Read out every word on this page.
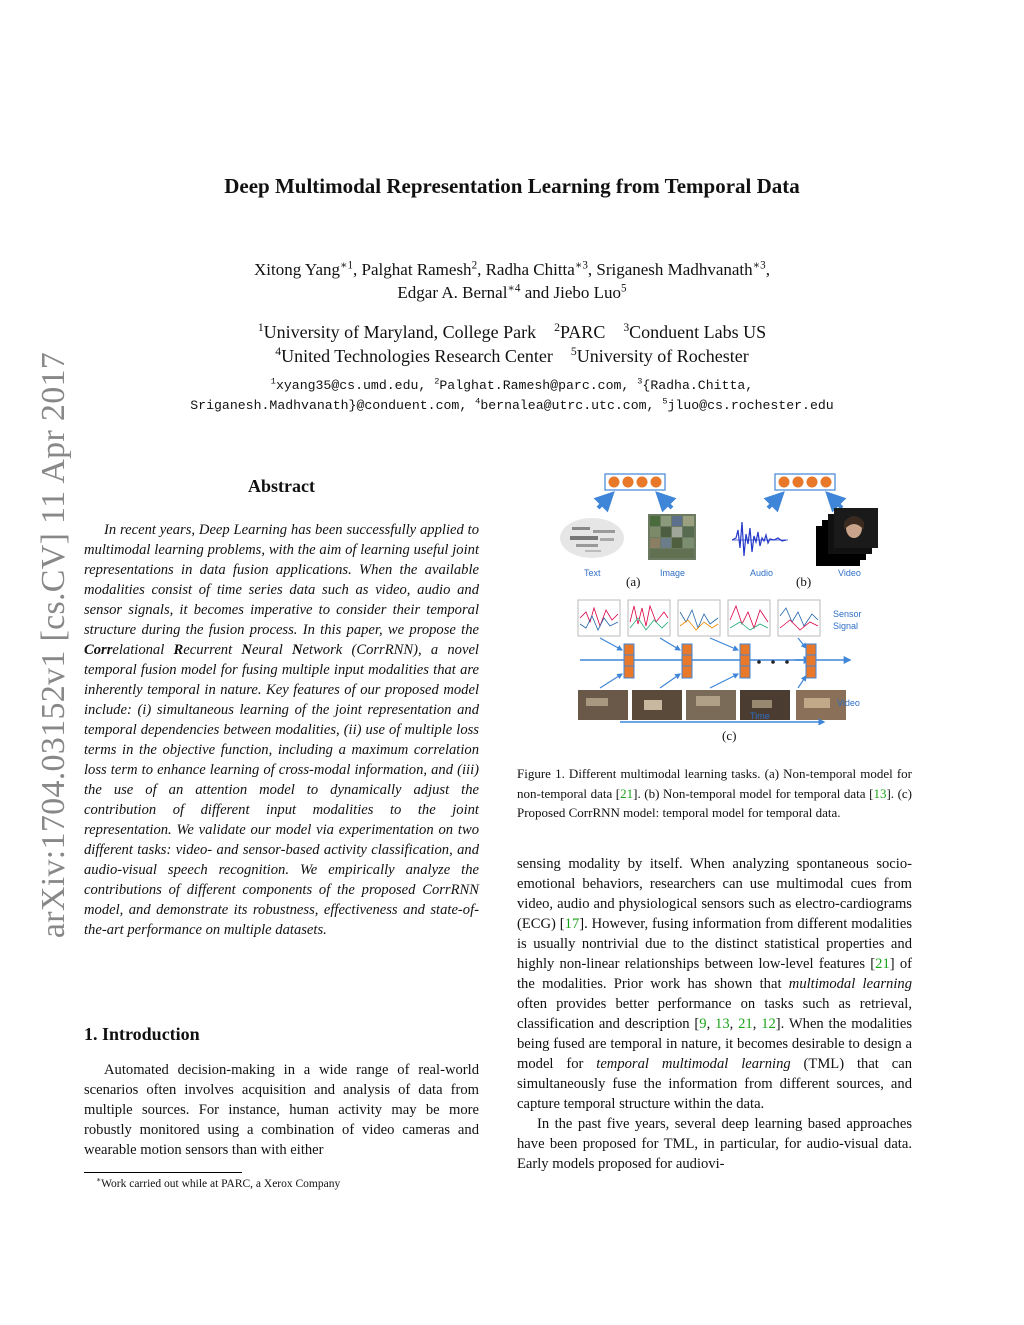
Deep Multimodal Representation Learning from Temporal Data
Xitong Yang$^{∗1}$, Palghat Ramesh$^2$, Radha Chitta$^{∗3}$, Sriganesh Madhvanath$^{∗3}$,
Edgar A. Bernal$^{∗4}$ and Jiebo Luo$^5$
$^1$University of Maryland, College Park $^2$PARC $^3$Conduent Labs US
$^4$United Technologies Research Center $^5$University of Rochester
$^1$xyang35@cs.umd.edu, $^2$Palghat.Ramesh@parc.com, $^3${Radha.Chitta,
Sriganesh.Madhvanath}@conduent.com, $^4$bernalea@utrc.utc.com, $^5$jluo@cs.rochester.edu
arXiv:1704.03152v1 [cs.CV] 11 Apr 2017	Abstract

In recent years, Deep Learning has been successfully applied to multimodal learning problems, with the aim of learning useful joint representations in data fusion applications. When the available modalities consist of time series data such as video, audio and sensor signals, it becomes imperative to consider their temporal structure during the fusion process. In this paper, we propose the Correlational Recurrent Neural Network (CorrRNN), a novel temporal fusion model for fusing multiple input modalities that are inherently temporal in nature. Key features of our proposed model include: (i) simultaneous learning of the joint representation and temporal dependencies between modalities, (ii) use of multiple loss terms in the objective function, including a maximum correlation loss term to enhance learning of cross-modal information, and (iii) the use of an attention model to dynamically adjust the contribution of different input modalities to the joint representation. We validate our model via experimentation on two different tasks: video- and sensor-based activity classification, and audio-visual speech recognition. We empirically analyze the contributions of different components of the proposed CorrRNN model, and demonstrate its robustness, effectiveness and state-of-the-art performance on multiple datasets.

1. Introduction

Automated decision-making in a wide range of real-world scenarios often involves acquisition and analysis of data from multiple sources. For instance, human activity may be more robustly monitored using a combination of video cameras and wearable motion sensors than with either

∗Work carried out while at PARC, a Xerox Company
Text	Image
(a)
Audio	Video
(b)
Sensor
Signal
Time
Video
(c)
Figure 1. Different multimodal learning tasks. (a) Non-temporal model for non-temporal data [21]. (b) Non-temporal model for temporal data [13]. (c) Proposed CorrRNN model: temporal model for temporal data.

sensing modality by itself. When analyzing spontaneous socio-emotional behaviors, researchers can use multimodal cues from video, audio and physiological sensors such as electro-cardiograms (ECG) [17]. However, fusing information from different modalities is usually nontrivial due to the distinct statistical properties and highly non-linear relationships between low-level features [21] of the modalities. Prior work has shown that multimodal learning often provides better performance on tasks such as retrieval, classification and description [9, 13, 21, 12]. When the modalities being fused are temporal in nature, it becomes desirable to design a model for temporal multimodal learning (TML) that can simultaneously fuse the information from different sources, and capture temporal structure within the data.

In the past five years, several deep learning based approaches have been proposed for TML, in particular, for audio-visual data. Early models proposed for audiovi-
